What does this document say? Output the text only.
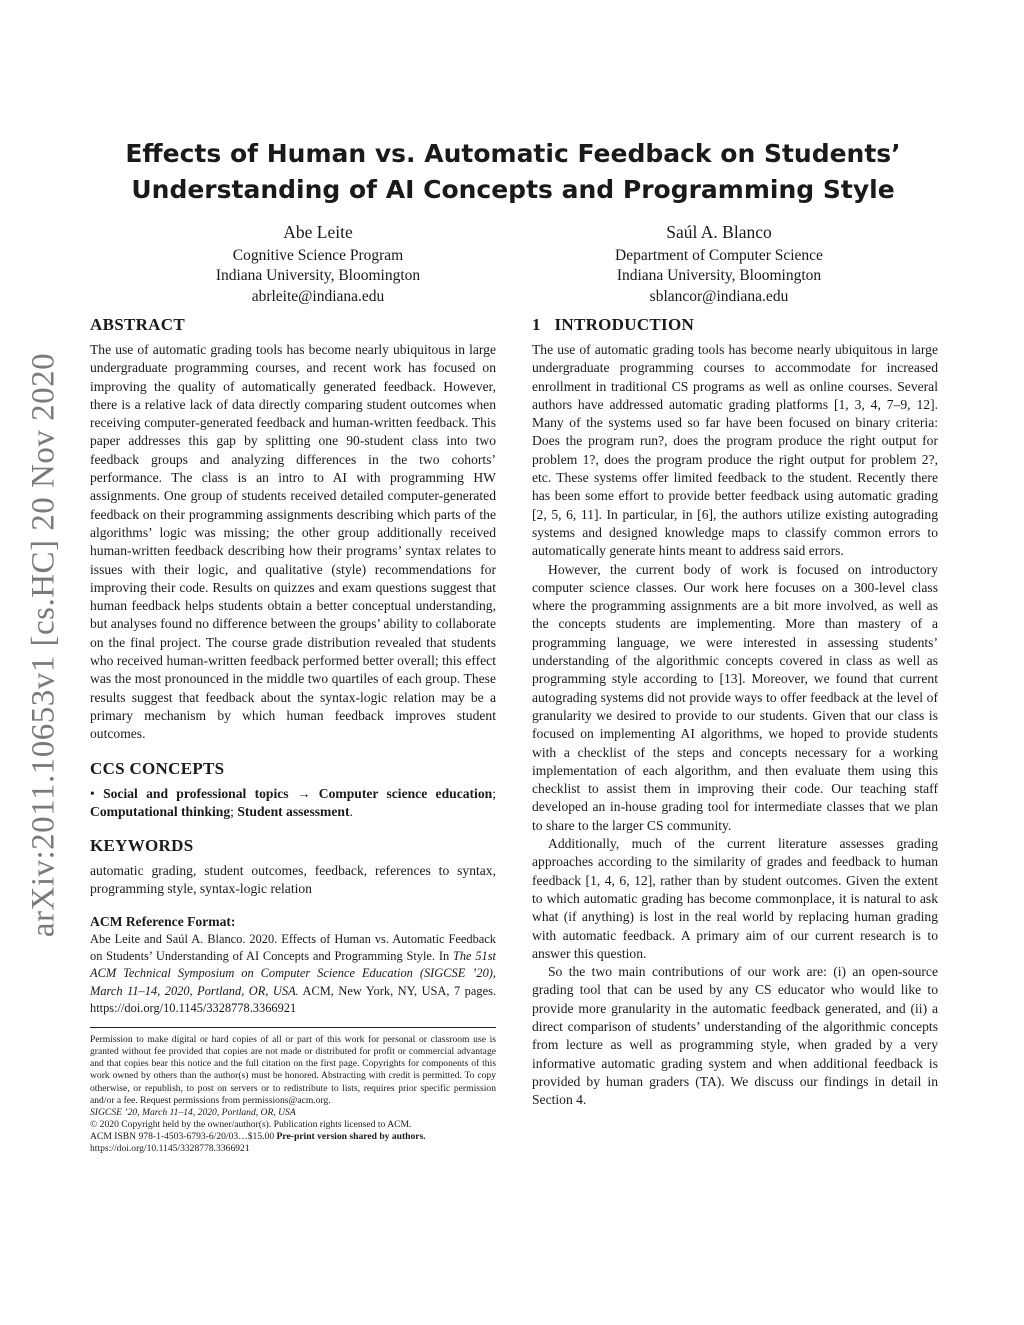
arXiv:2011.10653v1 [cs.HC] 20 Nov 2020
Effects of Human vs. Automatic Feedback on Students’
Understanding of AI Concepts and Programming Style
Abe Leite
Cognitive Science Program
Indiana University, Bloomington
abrleite@indiana.edu
Saúl A. Blanco
Department of Computer Science
Indiana University, Bloomington
sblancor@indiana.edu
ABSTRACT

The use of automatic grading tools has become nearly ubiquitous in large undergraduate programming courses, and recent work has focused on improving the quality of automatically generated feedback. However, there is a relative lack of data directly comparing student outcomes when receiving computer-generated feedback and human-written feedback. This paper addresses this gap by splitting one 90-student class into two feedback groups and analyzing differences in the two cohorts’ performance. The class is an intro to AI with programming HW assignments. One group of students received detailed computer-generated feedback on their programming assignments describing which parts of the algorithms’ logic was missing; the other group additionally received human-written feedback describing how their programs’ syntax relates to issues with their logic, and qualitative (style) recommendations for improving their code. Results on quizzes and exam questions suggest that human feedback helps students obtain a better conceptual understanding, but analyses found no difference between the groups’ ability to collaborate on the final project. The course grade distribution revealed that students who received human-written feedback performed better overall; this effect was the most pronounced in the middle two quartiles of each group. These results suggest that feedback about the syntax-logic relation may be a primary mechanism by which human feedback improves student outcomes.

CCS CONCEPTS

• Social and professional topics → Computer science education; Computational thinking; Student assessment.

KEYWORDS

automatic grading, student outcomes, feedback, references to syntax, programming style, syntax-logic relation

ACM Reference Format:

Abe Leite and Saúl A. Blanco. 2020. Effects of Human vs. Automatic Feedback on Students’ Understanding of AI Concepts and Programming Style. In The 51st ACM Technical Symposium on Computer Science Education (SIGCSE ’20), March 11–14, 2020, Portland, OR, USA. ACM, New York, NY, USA, 7 pages. https://doi.org/10.1145/3328778.3366921

Permission to make digital or hard copies of all or part of this work for personal or classroom use is granted without fee provided that copies are not made or distributed for profit or commercial advantage and that copies bear this notice and the full citation on the first page. Copyrights for components of this work owned by others than the author(s) must be honored. Abstracting with credit is permitted. To copy otherwise, or republish, to post on servers or to redistribute to lists, requires prior specific permission and/or a fee. Request permissions from permissions@acm.org.

SIGCSE ’20, March 11–14, 2020, Portland, OR, USA

© 2020 Copyright held by the owner/author(s). Publication rights licensed to ACM.

ACM ISBN 978-1-4503-6793-6/20/03…$15.00 Pre-print version shared by authors.

https://doi.org/10.1145/3328778.3366921

1   INTRODUCTION

The use of automatic grading tools has become nearly ubiquitous in large undergraduate programming courses to accommodate for increased enrollment in traditional CS programs as well as online courses. Several authors have addressed automatic grading platforms [1, 3, 4, 7–9, 12]. Many of the systems used so far have been focused on binary criteria: Does the program run?, does the program produce the right output for problem 1?, does the program produce the right output for problem 2?, etc. These systems offer limited feedback to the student. Recently there has been some effort to provide better feedback using automatic grading [2, 5, 6, 11]. In particular, in [6], the authors utilize existing autograding systems and designed knowledge maps to classify common errors to automatically generate hints meant to address said errors.

However, the current body of work is focused on introductory computer science classes. Our work here focuses on a 300-level class where the programming assignments are a bit more involved, as well as the concepts students are implementing. More than mastery of a programming language, we were interested in assessing students’ understanding of the algorithmic concepts covered in class as well as programming style according to [13]. Moreover, we found that current autograding systems did not provide ways to offer feedback at the level of granularity we desired to provide to our students. Given that our class is focused on implementing AI algorithms, we hoped to provide students with a checklist of the steps and concepts necessary for a working implementation of each algorithm, and then evaluate them using this checklist to assist them in improving their code. Our teaching staff developed an in-house grading tool for intermediate classes that we plan to share to the larger CS community.

Additionally, much of the current literature assesses grading approaches according to the similarity of grades and feedback to human feedback [1, 4, 6, 12], rather than by student outcomes. Given the extent to which automatic grading has become commonplace, it is natural to ask what (if anything) is lost in the real world by replacing human grading with automatic feedback. A primary aim of our current research is to answer this question.

So the two main contributions of our work are: (i) an open-source grading tool that can be used by any CS educator who would like to provide more granularity in the automatic feedback generated, and (ii) a direct comparison of students’ understanding of the algorithmic concepts from lecture as well as programming style, when graded by a very informative automatic grading system and when additional feedback is provided by human graders (TA). We discuss our findings in detail in Section 4.
